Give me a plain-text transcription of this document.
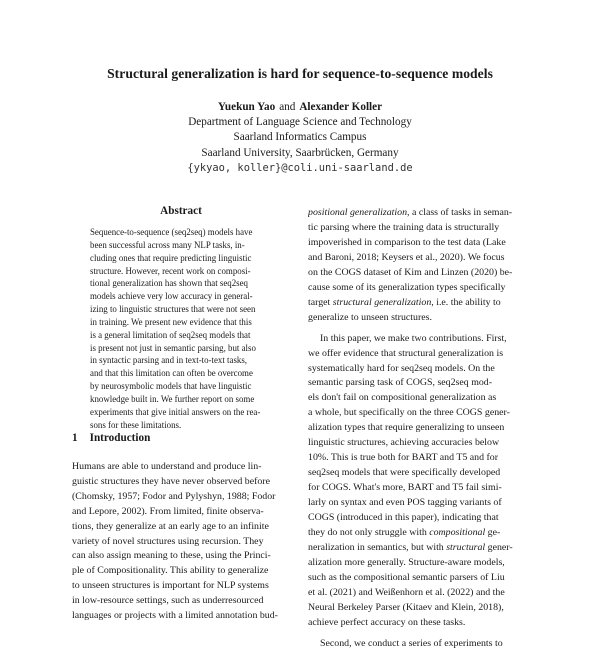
Structural generalization is hard for sequence-to-sequence models
Yuekun Yao and Alexander Koller
Department of Language Science and Technology
Saarland Informatics Campus
Saarland University, Saarbrücken, Germany
{ykyao, koller}@coli.uni-saarland.de
Abstract
Sequence-to-sequence (seq2seq) models have
been successful across many NLP tasks, in-
cluding ones that require predicting linguistic
structure. However, recent work on composi-
tional generalization has shown that seq2seq
models achieve very low accuracy in general-
izing to linguistic structures that were not seen
in training. We present new evidence that this
is a general limitation of seq2seq models that
is present not just in semantic parsing, but also
in syntactic parsing and in text-to-text tasks,
and that this limitation can often be overcome
by neurosymbolic models that have linguistic
knowledge built in. We further report on some
experiments that give initial answers on the rea-
sons for these limitations.
1 Introduction
Humans are able to understand and produce lin-
guistic structures they have never observed before
(Chomsky, 1957; Fodor and Pylyshyn, 1988; Fodor
and Lepore, 2002). From limited, finite observa-
tions, they generalize at an early age to an infinite
variety of novel structures using recursion. They
can also assign meaning to these, using the Princi-
ple of Compositionality. This ability to generalize
to unseen structures is important for NLP systems
in low-resource settings, such as underresourced
languages or projects with a limited annotation bud-
positional generalization, a class of tasks in seman-
tic parsing where the training data is structurally
impoverished in comparison to the test data (Lake
and Baroni, 2018; Keysers et al., 2020). We focus
on the COGS dataset of Kim and Linzen (2020) be-
cause some of its generalization types specifically
target structural generalization, i.e. the ability to
generalize to unseen structures.
In this paper, we make two contributions. First,
we offer evidence that structural generalization is
systematically hard for seq2seq models. On the
semantic parsing task of COGS, seq2seq mod-
els don't fail on compositional generalization as
a whole, but specifically on the three COGS gener-
alization types that require generalizing to unseen
linguistic structures, achieving accuracies below
10%. This is true both for BART and T5 and for
seq2seq models that were specifically developed
for COGS. What's more, BART and T5 fail simi-
larly on syntax and even POS tagging variants of
COGS (introduced in this paper), indicating that
they do not only struggle with compositional ge-
neralization in semantics, but with structural gener-
alization more generally. Structure-aware models,
such as the compositional semantic parsers of Liu
et al. (2021) and Weißenhorn et al. (2022) and the
Neural Berkeley Parser (Kitaev and Klein, 2018),
achieve perfect accuracy on these tasks.
Second, we conduct a series of experiments to
